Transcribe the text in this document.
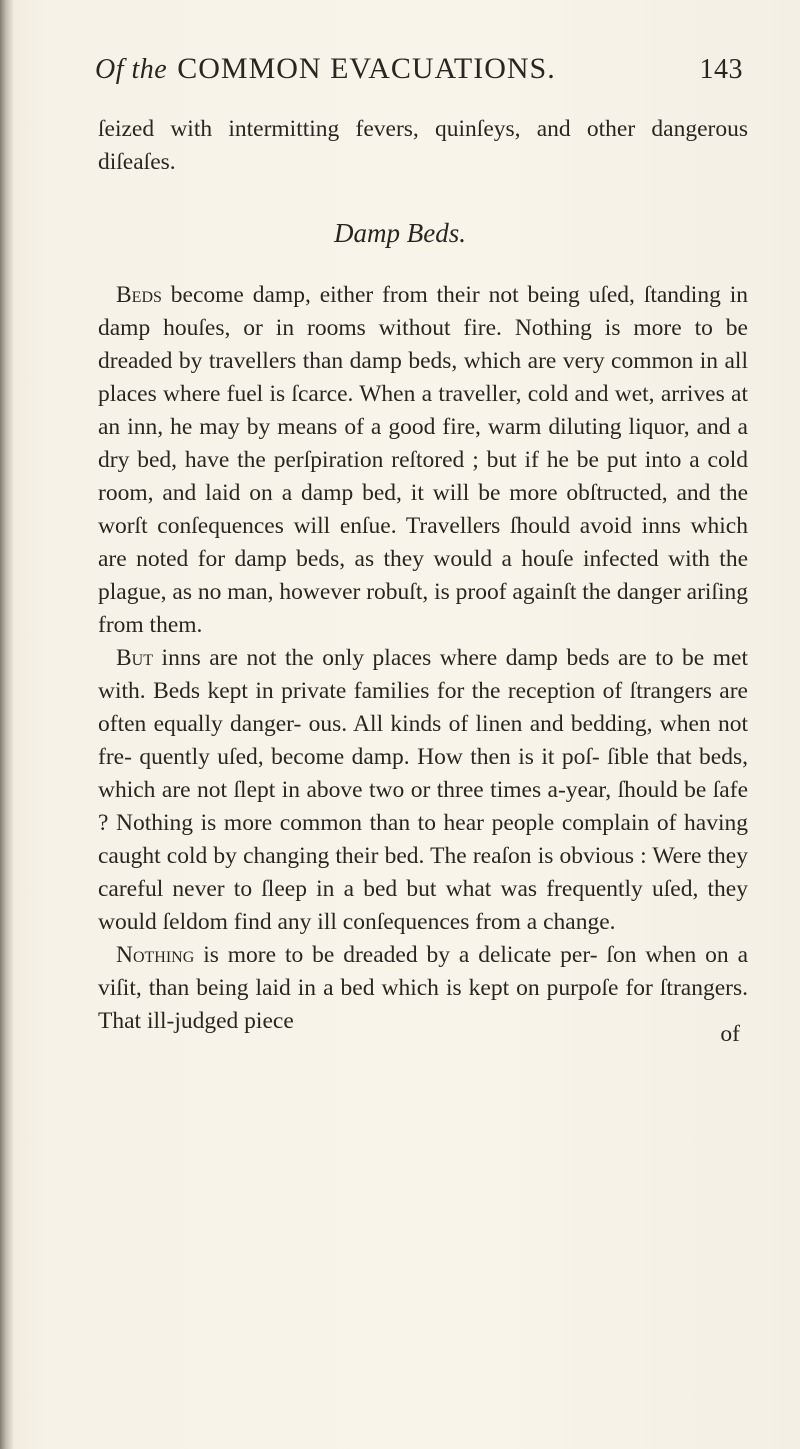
Of the COMMON EVACUATIONS.	143

ſeized with intermitting fevers, quinſeys, and other dangerous diſeaſes.

Damp Beds.

Beds become damp, either from their not being uſed, ſtanding in damp houſes, or in rooms without fire. Nothing is more to be dreaded by travellers than damp beds, which are very common in all places where fuel is ſcarce. When a traveller, cold and wet, arrives at an inn, he may by means of a good fire, warm diluting liquor, and a dry bed, have the perſpiration reſtored ; but if he be put into a cold room, and laid on a damp bed, it will be more obſtructed, and the worſt conſequences will enſue. Travellers ſhould avoid inns which are noted for damp beds, as they would a houſe infected with the plague, as no man, however robuſt, is proof againſt the danger ariſing from them.

But inns are not the only places where damp beds are to be met with. Beds kept in private families for the reception of ſtrangers are often equally danger- ous. All kinds of linen and bedding, when not fre- quently uſed, become damp. How then is it poſ- ſible that beds, which are not ſlept in above two or three times a-year, ſhould be ſafe ? Nothing is more common than to hear people complain of having caught cold by changing their bed. The reaſon is obvious : Were they careful never to ſleep in a bed but what was frequently uſed, they would ſeldom find any ill conſequences from a change.

Nothing is more to be dreaded by a delicate per- ſon when on a viſit, than being laid in a bed which is kept on purpoſe for ſtrangers. That ill-judged piece	of
